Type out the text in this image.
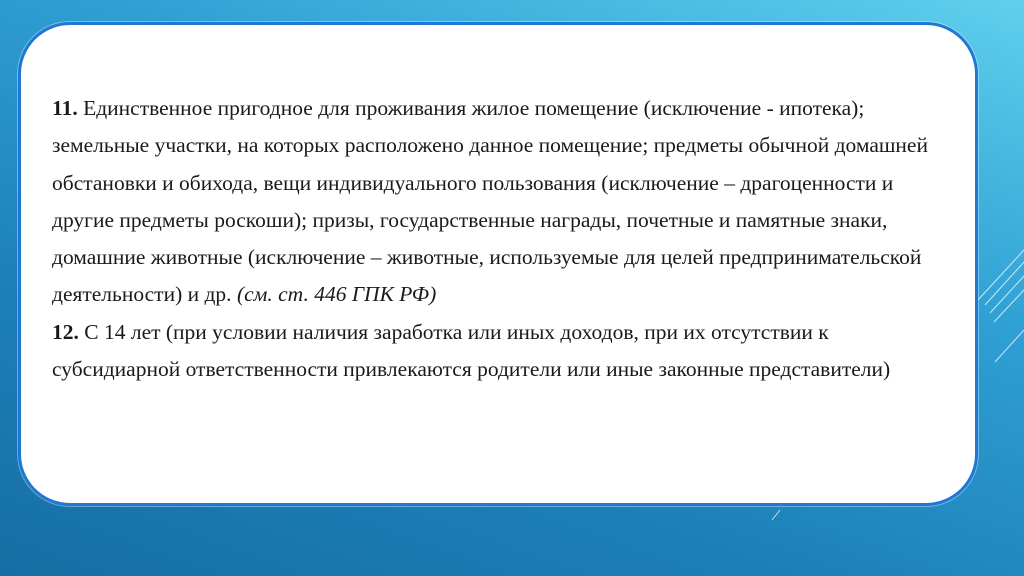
11. Единственное пригодное для проживания жилое помещение (исключение - ипотека); земельные участки, на которых расположено данное помещение; предметы обычной домашней обстановки и обихода, вещи индивидуального пользования (исключение – драгоценности и другие предметы роскоши); призы, государственные награды, почетные и памятные знаки, домашние животные (исключение – животные, используемые для целей предпринимательской деятельности) и др. (см. ст. 446 ГПК РФ)

12. С 14 лет (при условии наличия заработка или иных доходов, при их отсутствии к субсидиарной ответственности привлекаются родители или иные законные представители)
